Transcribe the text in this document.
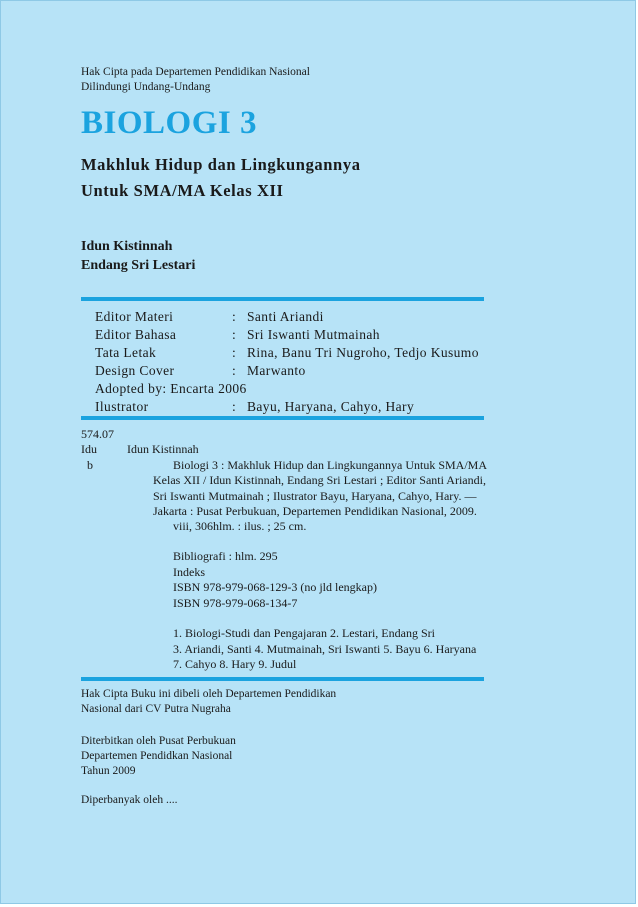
Hak Cipta pada Departemen Pendidikan Nasional
Dilindungi Undang-Undang
BIOLOGI 3
Makhluk Hidup dan Lingkungannya
Untuk SMA/MA Kelas XII
Idun Kistinnah
Endang Sri Lestari
Editor Materi	: Santi Ariandi
Editor Bahasa	: Sri Iswanti Mutmainah
Tata Letak	: Rina, Banu Tri Nugroho, Tedjo Kusumo
Design Cover	: Marwanto
Adopted by: Encarta 2006
Ilustrator	: Bayu, Haryana, Cahyo, Hary
574.07
Idu	Idun Kistinnah
b	Biologi 3 : Makhluk Hidup dan Lingkungannya Untuk SMA/MA
Kelas XII / Idun Kistinnah, Endang Sri Lestari ; Editor Santi Ariandi,
Sri Iswanti Mutmainah ; Ilustrator Bayu, Haryana, Cahyo, Hary. —
Jakarta : Pusat Perbukuan, Departemen Pendidikan Nasional, 2009.
viii, 306hlm. : ilus. ; 25 cm.
Bibliografi : hlm. 295
Indeks
ISBN 978-979-068-129-3 (no jld lengkap)
ISBN 978-979-068-134-7
1. Biologi-Studi dan Pengajaran 2. Lestari, Endang Sri
3. Ariandi, Santi 4. Mutmainah, Sri Iswanti 5. Bayu 6. Haryana
7. Cahyo 8. Hary 9. Judul
Hak Cipta Buku ini dibeli oleh Departemen Pendidikan
Nasional dari CV Putra Nugraha
Diterbitkan oleh Pusat Perbukuan
Departemen Pendidkan Nasional
Tahun 2009
Diperbanyak oleh ....
